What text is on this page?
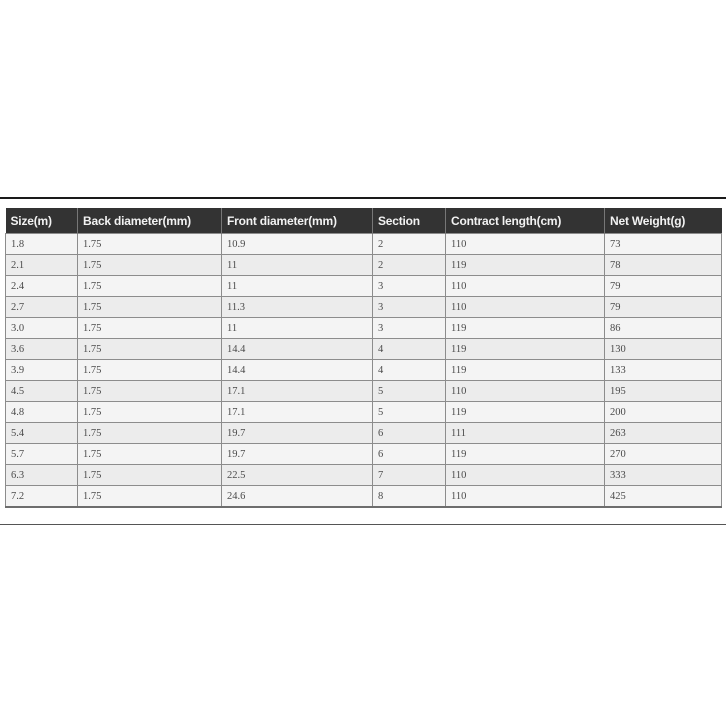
Size(m)	Back diameter(mm)	Front diameter(mm)	Section	Contract length(cm)	Net Weight(g)
1.8	1.75	10.9	2	110	73
2.1	1.75	11	2	119	78
2.4	1.75	11	3	110	79
2.7	1.75	11.3	3	110	79
3.0	1.75	11	3	119	86
3.6	1.75	14.4	4	119	130
3.9	1.75	14.4	4	119	133
4.5	1.75	17.1	5	110	195
4.8	1.75	17.1	5	119	200
5.4	1.75	19.7	6	111	263
5.7	1.75	19.7	6	119	270
6.3	1.75	22.5	7	110	333
7.2	1.75	24.6	8	110	425
